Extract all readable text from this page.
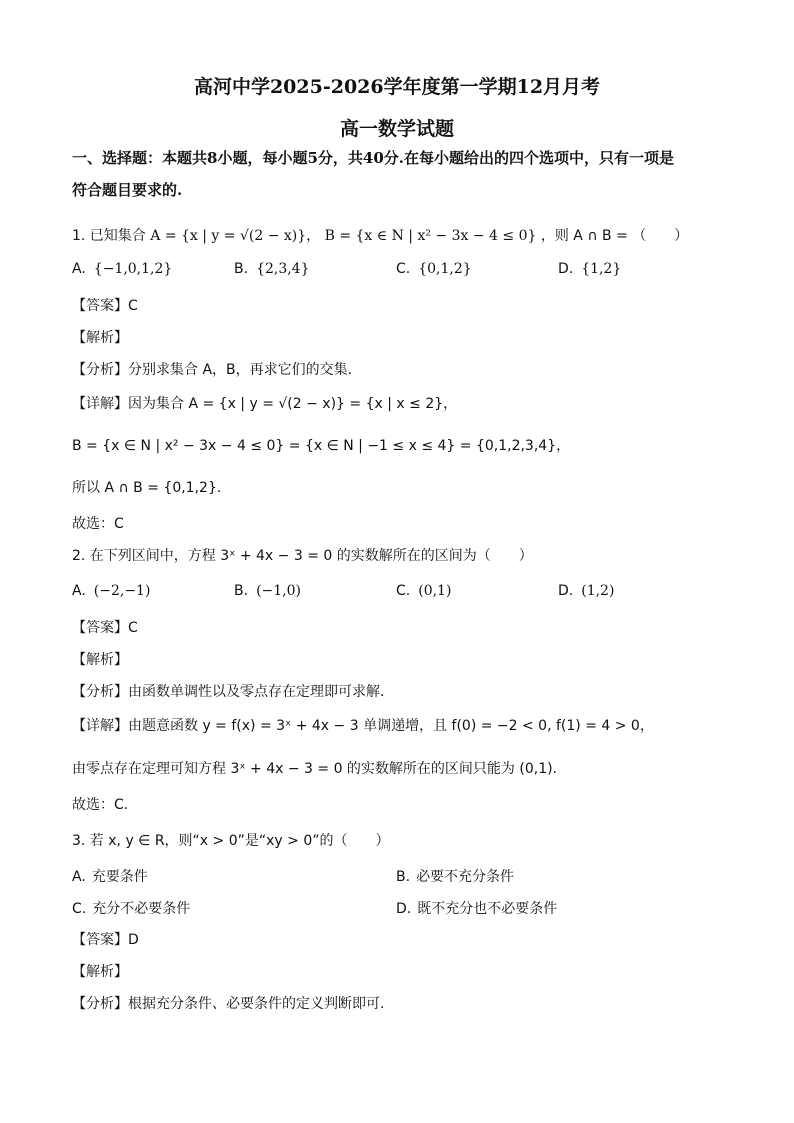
高河中学2025-2026学年度第一学期12月月考
高一数学试题
一、选择题：本题共8小题，每小题5分，共40分.在每小题给出的四个选项中，只有一项是
符合题目要求的.
1. 已知集合 A = {x | y = √(2 − x)}， B = {x ∈ N | x² − 3x − 4 ≤ 0} ，则 A ∩ B = （　　）
A. {−1,0,1,2}	B. {2,3,4}	C. {0,1,2}	D. {1,2}
【答案】C
【解析】
【分析】分别求集合 A，B，再求它们的交集.
【详解】因为集合 A = {x | y = √(2 − x)} = {x | x ≤ 2}，
B = {x ∈ N | x² − 3x − 4 ≤ 0} = {x ∈ N | −1 ≤ x ≤ 4} = {0,1,2,3,4}，
所以 A ∩ B = {0,1,2}.
故选：C
2. 在下列区间中，方程 3ˣ + 4x − 3 = 0 的实数解所在的区间为（　　）
A. (−2,−1)	B. (−1,0)	C. (0,1)	D. (1,2)
【答案】C
【解析】
【分析】由函数单调性以及零点存在定理即可求解.
【详解】由题意函数 y = f(x) = 3ˣ + 4x − 3 单调递增，且 f(0) = −2 < 0, f(1) = 4 > 0，
由零点存在定理可知方程 3ˣ + 4x − 3 = 0 的实数解所在的区间只能为 (0,1).
故选：C.
3. 若 x, y ∈ R，则“x > 0”是“xy > 0”的（　　）
A. 充要条件	B. 必要不充分条件
C. 充分不必要条件	D. 既不充分也不必要条件
【答案】D
【解析】
【分析】根据充分条件、必要条件的定义判断即可.
